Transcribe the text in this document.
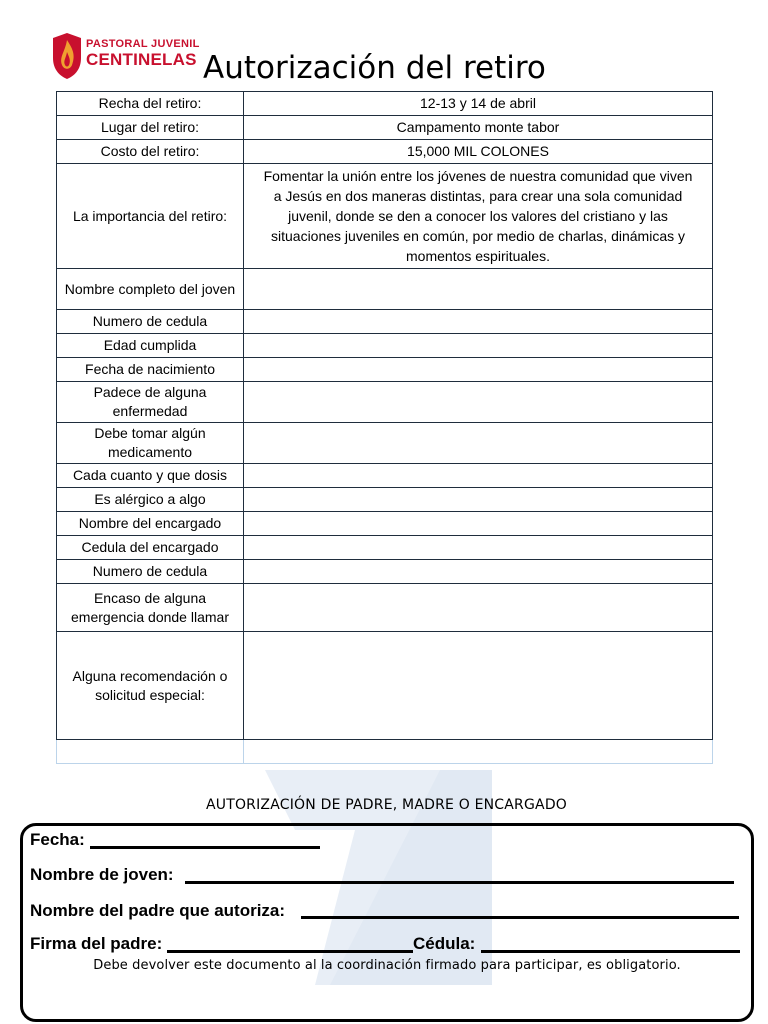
PASTORAL JUVENIL
CENTINELAS Autorización del retiro
Recha del retiro:	12-13 y 14 de abril
Lugar del retiro:	Campamento monte tabor
Costo del retiro:	15,000 MIL COLONES
La importancia del retiro:	Fomentar la unión entre los jóvenes de nuestra comunidad que viven a Jesús en dos maneras distintas, para crear una sola comunidad juvenil, donde se den a conocer los valores del cristiano y las situaciones juveniles en común, por medio de charlas, dinámicas y momentos espirituales.
Nombre completo del joven	
Numero de cedula	
Edad cumplida	
Fecha de nacimiento	
Padece de alguna enfermedad	
Debe tomar algún medicamento	
Cada cuanto y que dosis	
Es alérgico a algo	
Nombre del encargado	
Cedula del encargado	
Numero de cedula	
Encaso de alguna emergencia donde llamar	
Alguna recomendación o solicitud especial:	

AUTORIZACIÓN DE PADRE, MADRE O ENCARGADO
Fecha:
Nombre de joven:
Nombre del padre que autoriza:
Firma del padre:	Cédula:
Debe devolver este documento al la coordinación firmado para participar, es obligatorio.
